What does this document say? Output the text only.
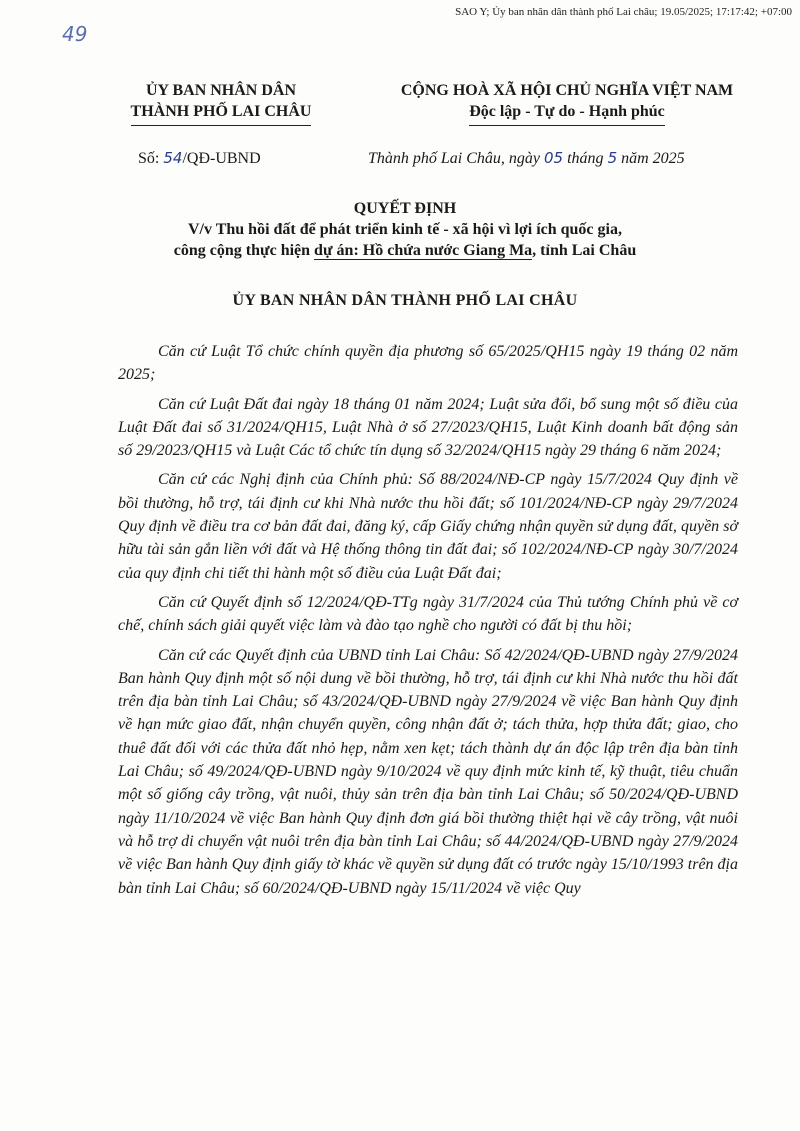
SAO Y; Ủy ban nhân dân thành phố Lai châu; 19.05/2025; 17:17:42; +07:00
49
ỦY BAN NHÂN DÂN
THÀNH PHỐ LAI CHÂU
CỘNG HOÀ XÃ HỘI CHỦ NGHĨA VIỆT NAM
Độc lập - Tự do - Hạnh phúc
Số: 54/QĐ-UBND	Thành phố Lai Châu, ngày 05 tháng 5 năm 2025
QUYẾT ĐỊNH
V/v Thu hồi đất để phát triển kinh tế - xã hội vì lợi ích quốc gia,
công cộng thực hiện dự án: Hồ chứa nước Giang Ma, tỉnh Lai Châu
ỦY BAN NHÂN DÂN THÀNH PHỐ LAI CHÂU

Căn cứ Luật Tổ chức chính quyền địa phương số 65/2025/QH15 ngày 19 tháng 02 năm 2025;

Căn cứ Luật Đất đai ngày 18 tháng 01 năm 2024; Luật sửa đổi, bổ sung một số điều của Luật Đất đai số 31/2024/QH15, Luật Nhà ở số 27/2023/QH15, Luật Kinh doanh bất động sản số 29/2023/QH15 và Luật Các tổ chức tín dụng số 32/2024/QH15 ngày 29 tháng 6 năm 2024;

Căn cứ các Nghị định của Chính phủ: Số 88/2024/NĐ-CP ngày 15/7/2024 Quy định về bồi thường, hỗ trợ, tái định cư khi Nhà nước thu hồi đất; số 101/2024/NĐ-CP ngày 29/7/2024 Quy định về điều tra cơ bản đất đai, đăng ký, cấp Giấy chứng nhận quyền sử dụng đất, quyền sở hữu tài sản gắn liền với đất và Hệ thống thông tin đất đai; số 102/2024/NĐ-CP ngày 30/7/2024 của quy định chi tiết thi hành một số điều của Luật Đất đai;

Căn cứ Quyết định số 12/2024/QĐ-TTg ngày 31/7/2024 của Thủ tướng Chính phủ về cơ chế, chính sách giải quyết việc làm và đào tạo nghề cho người có đất bị thu hồi;

Căn cứ các Quyết định của UBND tỉnh Lai Châu: Số 42/2024/QĐ-UBND ngày 27/9/2024 Ban hành Quy định một số nội dung về bồi thường, hỗ trợ, tái định cư khi Nhà nước thu hồi đất trên địa bàn tỉnh Lai Châu; số 43/2024/QĐ-UBND ngày 27/9/2024 về việc Ban hành Quy định về hạn mức giao đất, nhận chuyển quyền, công nhận đất ở; tách thửa, hợp thửa đất; giao, cho thuê đất đối với các thửa đất nhỏ hẹp, nằm xen kẹt; tách thành dự án độc lập trên địa bàn tỉnh Lai Châu; số 49/2024/QĐ-UBND ngày 9/10/2024 về quy định mức kinh tế, kỹ thuật, tiêu chuẩn một số giống cây trồng, vật nuôi, thủy sản trên địa bàn tỉnh Lai Châu; số 50/2024/QĐ-UBND ngày 11/10/2024 về việc Ban hành Quy định đơn giá bồi thường thiệt hại về cây trồng, vật nuôi và hỗ trợ di chuyển vật nuôi trên địa bàn tỉnh Lai Châu; số 44/2024/QĐ-UBND ngày 27/9/2024 về việc Ban hành Quy định giấy tờ khác về quyền sử dụng đất có trước ngày 15/10/1993 trên địa bàn tỉnh Lai Châu; số 60/2024/QĐ-UBND ngày 15/11/2024 về việc Quy
